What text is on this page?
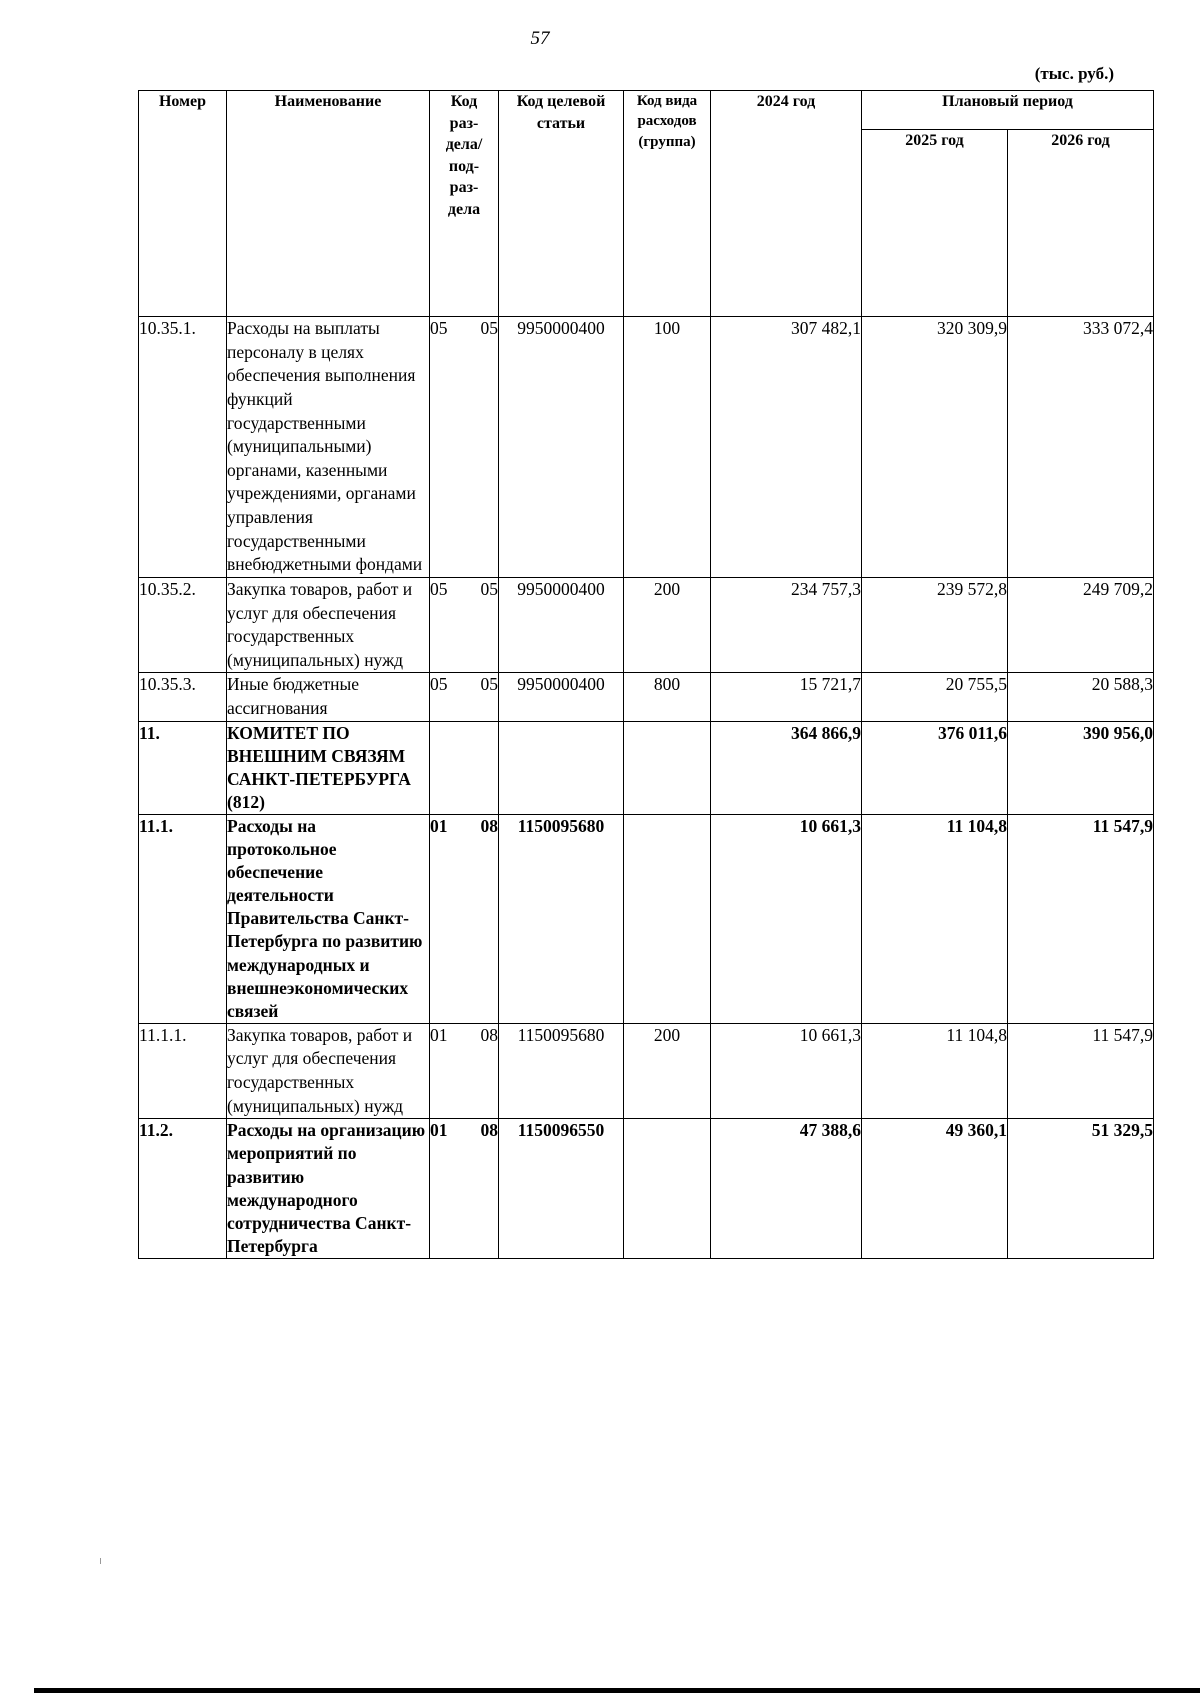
57
(тыс. руб.)
Номер	Наименование	Код раз- дела/ под- раз- дела	Код целевой статьи	Код вида расходов (группа)	2024 год	Плановый период	
						2025 год	2026 год
10.35.1.	Расходы на выплаты персоналу в целях обеспечения выполнения функций государственными (муниципальными) органами, казенными учреждениями, органами управления государственными внебюджетными фондами	05 05	9950000400	100	307 482,1	320 309,9	333 072,4
10.35.2.	Закупка товаров, работ и услуг для обеспечения государственных (муниципальных) нужд	05 05	9950000400	200	234 757,3	239 572,8	249 709,2
10.35.3.	Иные бюджетные ассигнования	05 05	9950000400	800	15 721,7	20 755,5	20 588,3
11.	КОМИТЕТ ПО ВНЕШНИМ СВЯЗЯМ САНКТ-ПЕТЕРБУРГА (812)				364 866,9	376 011,6	390 956,0
11.1.	Расходы на протокольное обеспечение деятельности Правительства Санкт-Петербурга по развитию международных и внешнеэкономических связей	01 08	1150095680		10 661,3	11 104,8	11 547,9
11.1.1.	Закупка товаров, работ и услуг для обеспечения государственных (муниципальных) нужд	01 08	1150095680	200	10 661,3	11 104,8	11 547,9
11.2.	Расходы на организацию мероприятий по развитию международного сотрудничества Санкт-Петербурга	01 08	1150096550		47 388,6	49 360,1	51 329,5
